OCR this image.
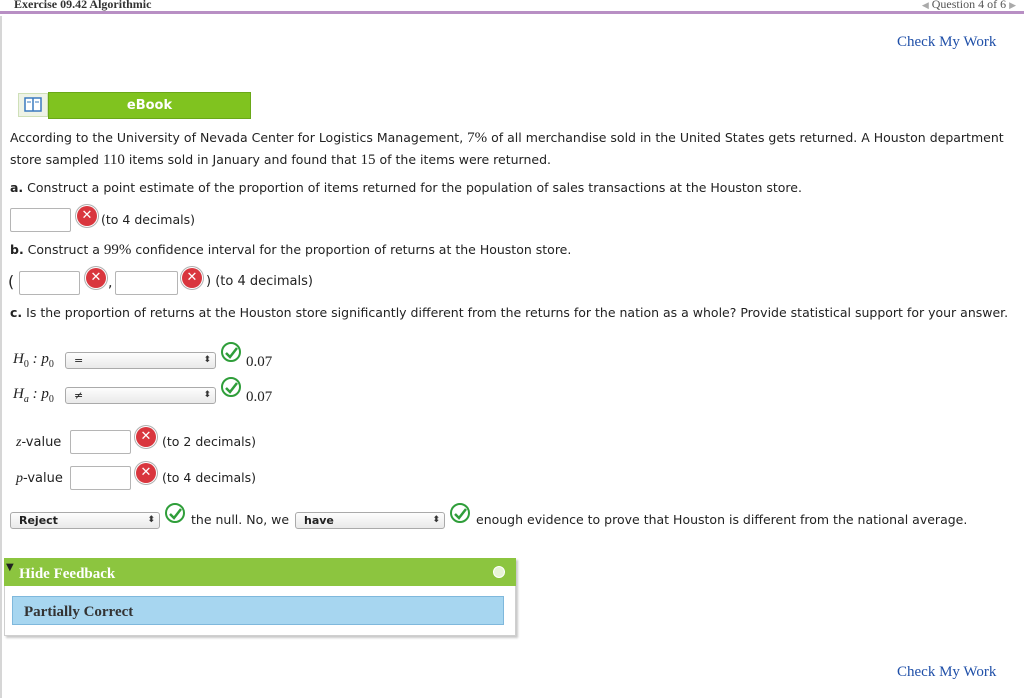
Exercise 09.42 Algorithmic	◀ Question 4 of 6 ▶
Check My Work
eBook
According to the University of Nevada Center for Logistics Management, 7% of all merchandise sold in the United States gets returned. A Houston department
store sampled 110 items sold in January and found that 15 of the items were returned.
a. Construct a point estimate of the proportion of items returned for the population of sales transactions at the Houston store.
✕ (to 4 decimals)
b. Construct a 99% confidence interval for the proportion of returns at the Houston store.
(	✕ ,	✕ ) (to 4 decimals)
c. Is the proportion of returns at the Houston store significantly different from the returns for the nation as a whole? Provide statistical support for your answer.
$H_0$ : $p_0$	=	⬍ 0.07
$H_a$ : $p_0$	≠	⬍ 0.07
z-value	✕ (to 2 decimals)
p-value	✕ (to 4 decimals)
Reject	⬍	the null. No, we	have	⬍	enough evidence to prove that Houston is different from the national average.
▼ Hide Feedback
Partially Correct
Check My Work
